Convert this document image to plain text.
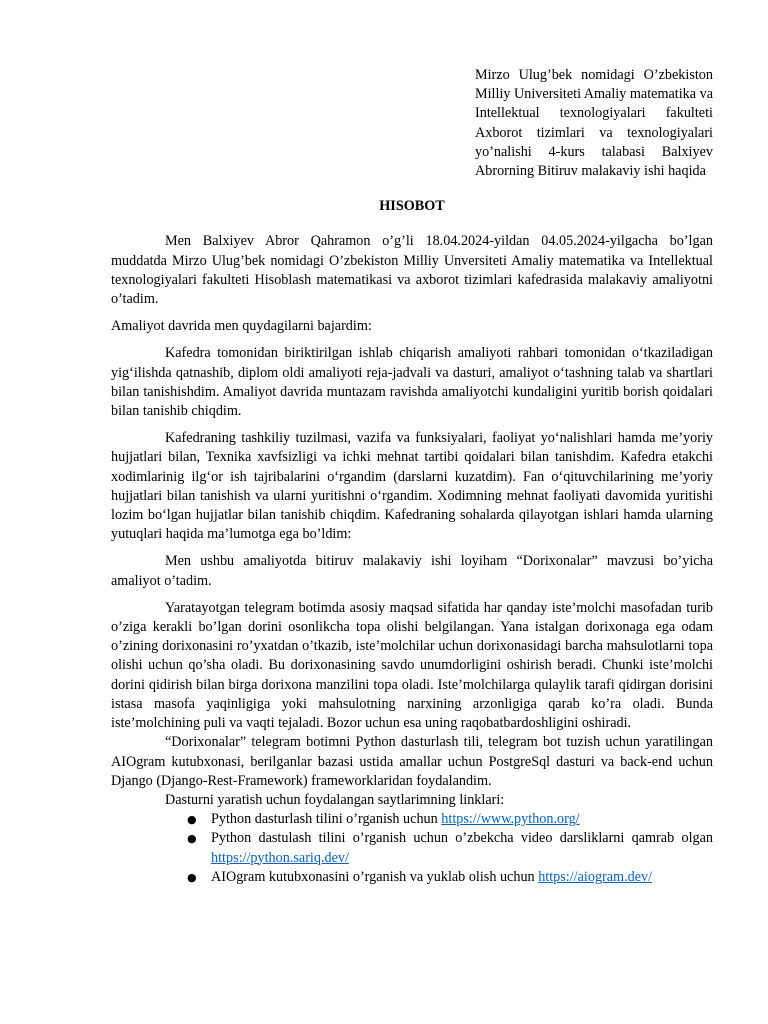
Mirzo Ulug’bek nomidagi O’zbekiston Milliy Universiteti Amaliy matematika va Intellektual texnologiyalari fakulteti Axborot tizimlari va texnologiyalari yo’nalishi 4-kurs talabasi Balxiyev Abrorning Bitiruv malakaviy ishi haqida
HISOBOT

Men Balxiyev Abror Qahramon o’g’li 18.04.2024-yildan 04.05.2024-yilgacha bo’lgan muddatda Mirzo Ulug’bek nomidagi O’zbekiston Milliy Unversiteti Amaliy matematika va Intellektual texnologiyalari fakulteti Hisoblash matematikasi va axborot tizimlari kafedrasida malakaviy amaliyotni o’tadim.

Amaliyot davrida men quydagilarni bajardim:

Kafedra tomonidan biriktirilgan ishlab chiqarish amaliyoti rahbari tomonidan o‘tkaziladigan yig‘ilishda qatnashib, diplom oldi amaliyoti reja-jadvali va dasturi, amaliyot o‘tashning talab va shartlari bilan tanishishdim. Amaliyot davrida muntazam ravishda amaliyotchi kundaligini yuritib borish qoidalari bilan tanishib chiqdim.

Kafedraning tashkiliy tuzilmasi, vazifa va funksiyalari, faoliyat yo‘nalishlari hamda me’yoriy hujjatlari bilan, Texnika xavfsizligi va ichki mehnat tartibi qoidalari bilan tanishdim. Kafedra etakchi xodimlarinig ilg‘or ish tajribalarini o‘rgandim (darslarni kuzatdim). Fan o‘qituvchilarining me’yoriy hujjatlari bilan tanishish va ularni yuritishni o‘rgandim. Xodimning mehnat faoliyati davomida yuritishi lozim bo‘lgan hujjatlar bilan tanishib chiqdim. Kafedraning sohalarda qilayotgan ishlari hamda ularning yutuqlari haqida ma’lumotga ega bo’ldim:

Men ushbu amaliyotda bitiruv malakaviy ishi loyiham “Dorixonalar” mavzusi bo’yicha amaliyot o’tadim.

Yaratayotgan telegram botimda asosiy maqsad sifatida har qanday iste’molchi masofadan turib o’ziga kerakli bo’lgan dorini osonlikcha topa olishi belgilangan. Yana istalgan dorixonaga ega odam o’zining dorixonasini ro’yxatdan o’tkazib, iste’molchilar uchun dorixonasidagi barcha mahsulotlarni topa olishi uchun qo’sha oladi. Bu dorixonasining savdo unumdorligini oshirish beradi. Chunki iste’molchi dorini qidirish bilan birga dorixona manzilini topa oladi. Iste’molchilarga qulaylik tarafi qidirgan dorisini istasa masofa yaqinligiga yoki mahsulotning narxining arzonligiga qarab ko’ra oladi. Bunda iste’molchining puli va vaqti tejaladi. Bozor uchun esa uning raqobatbardoshligini oshiradi.

“Dorixonalar” telegram botimni Python dasturlash tili, telegram bot tuzish uchun yaratilingan AIOgram kutubxonasi, berilganlar bazasi ustida amallar uchun PostgreSql dasturi va back-end uchun Django (Django-Rest-Framework) frameworklaridan foydalandim.

Dasturni yaratish uchun foydalangan saytlarimning linklari:

● Python dasturlash tilini o’rganish uchun https://www.python.org/
● Python dastulash tilini o’rganish uchun o’zbekcha video darsliklarni qamrab olgan https://python.sariq.dev/
● AIOgram kutubxonasini o’rganish va yuklab olish uchun https://aiogram.dev/
